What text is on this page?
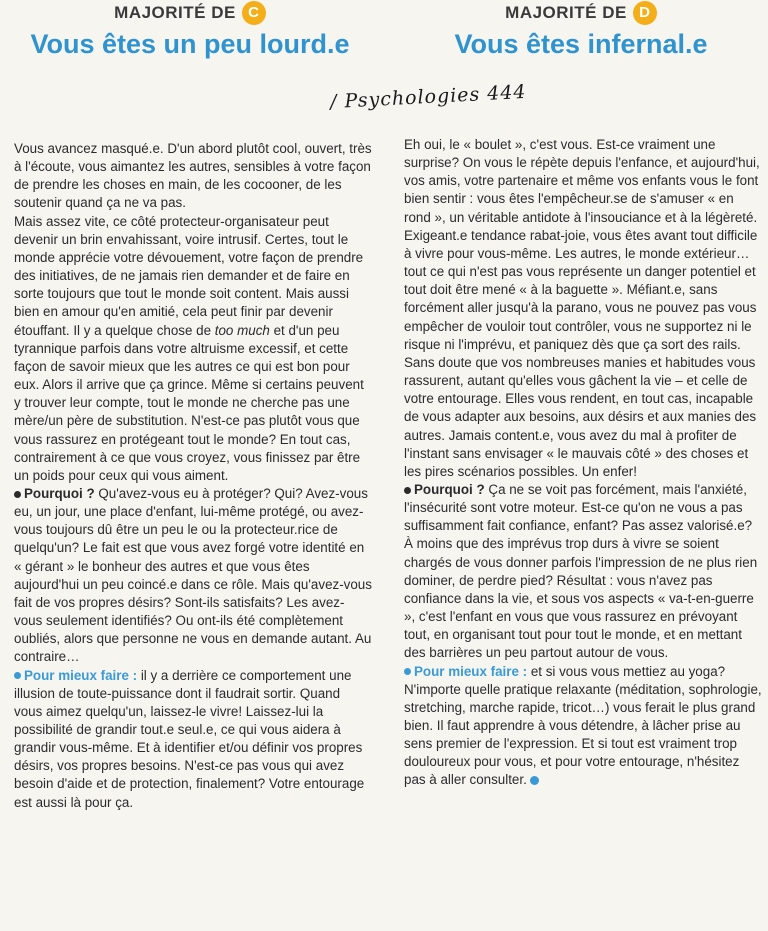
MAJORITÉ DE C
Vous êtes un peu lourd.e
MAJORITÉ DE D
Vous êtes infernal.e
/ Psychologies 444

Vous avancez masqué.e. D'un abord plutôt cool, ouvert, très à l'écoute, vous aimantez les autres, sensibles à votre façon de prendre les choses en main, de les cocooner, de les soutenir quand ça ne va pas.

Mais assez vite, ce côté protecteur-organisateur peut devenir un brin envahissant, voire intrusif. Certes, tout le monde apprécie votre dévouement, votre façon de prendre des initiatives, de ne jamais rien demander et de faire en sorte toujours que tout le monde soit content. Mais aussi bien en amour qu'en amitié, cela peut finir par devenir étouffant. Il y a quelque chose de too much et d'un peu tyrannique parfois dans votre altruisme excessif, et cette façon de savoir mieux que les autres ce qui est bon pour eux. Alors il arrive que ça grince. Même si certains peuvent y trouver leur compte, tout le monde ne cherche pas une mère/un père de substitution. N'est-ce pas plutôt vous que vous rassurez en protégeant tout le monde? En tout cas, contrairement à ce que vous croyez, vous finissez par être un poids pour ceux qui vous aiment.

Pourquoi ? Qu'avez-vous eu à protéger? Qui? Avez-vous eu, un jour, une place d'enfant, lui-même protégé, ou avez-vous toujours dû être un peu le ou la protecteur.rice de quelqu'un? Le fait est que vous avez forgé votre identité en « gérant » le bonheur des autres et que vous êtes aujourd'hui un peu coincé.e dans ce rôle. Mais qu'avez-vous fait de vos propres désirs? Sont-ils satisfaits? Les avez-vous seulement identifiés? Ou ont-ils été complètement oubliés, alors que personne ne vous en demande autant. Au contraire…

Pour mieux faire : il y a derrière ce comportement une illusion de toute-puissance dont il faudrait sortir. Quand vous aimez quelqu'un, laissez-le vivre! Laissez-lui la possibilité de grandir tout.e seul.e, ce qui vous aidera à grandir vous-même. Et à identifier et/ou définir vos propres désirs, vos propres besoins. N'est-ce pas vous qui avez besoin d'aide et de protection, finalement? Votre entourage est aussi là pour ça.

Eh oui, le « boulet », c'est vous. Est-ce vraiment une surprise? On vous le répète depuis l'enfance, et aujourd'hui, vos amis, votre partenaire et même vos enfants vous le font bien sentir : vous êtes l'empêcheur.se de s'amuser « en rond », un véritable antidote à l'insouciance et à la légèreté. Exigeant.e tendance rabat-joie, vous êtes avant tout difficile à vivre pour vous-même. Les autres, le monde extérieur… tout ce qui n'est pas vous représente un danger potentiel et tout doit être mené « à la baguette ». Méfiant.e, sans forcément aller jusqu'à la parano, vous ne pouvez pas vous empêcher de vouloir tout contrôler, vous ne supportez ni le risque ni l'imprévu, et paniquez dès que ça sort des rails. Sans doute que vos nombreuses manies et habitudes vous rassurent, autant qu'elles vous gâchent la vie – et celle de votre entourage. Elles vous rendent, en tout cas, incapable de vous adapter aux besoins, aux désirs et aux manies des autres. Jamais content.e, vous avez du mal à profiter de l'instant sans envisager « le mauvais côté » des choses et les pires scénarios possibles. Un enfer!

Pourquoi ? Ça ne se voit pas forcément, mais l'anxiété, l'insécurité sont votre moteur. Est-ce qu'on ne vous a pas suffisamment fait confiance, enfant? Pas assez valorisé.e? À moins que des imprévus trop durs à vivre se soient chargés de vous donner parfois l'impression de ne plus rien dominer, de perdre pied? Résultat : vous n'avez pas confiance dans la vie, et sous vos aspects « va-t-en-guerre », c'est l'enfant en vous que vous rassurez en prévoyant tout, en organisant tout pour tout le monde, et en mettant des barrières un peu partout autour de vous.

Pour mieux faire : et si vous vous mettiez au yoga? N'importe quelle pratique relaxante (méditation, sophrologie, stretching, marche rapide, tricot…) vous ferait le plus grand bien. Il faut apprendre à vous détendre, à lâcher prise au sens premier de l'expression. Et si tout est vraiment trop douloureux pour vous, et pour votre entourage, n'hésitez pas à aller consulter.
